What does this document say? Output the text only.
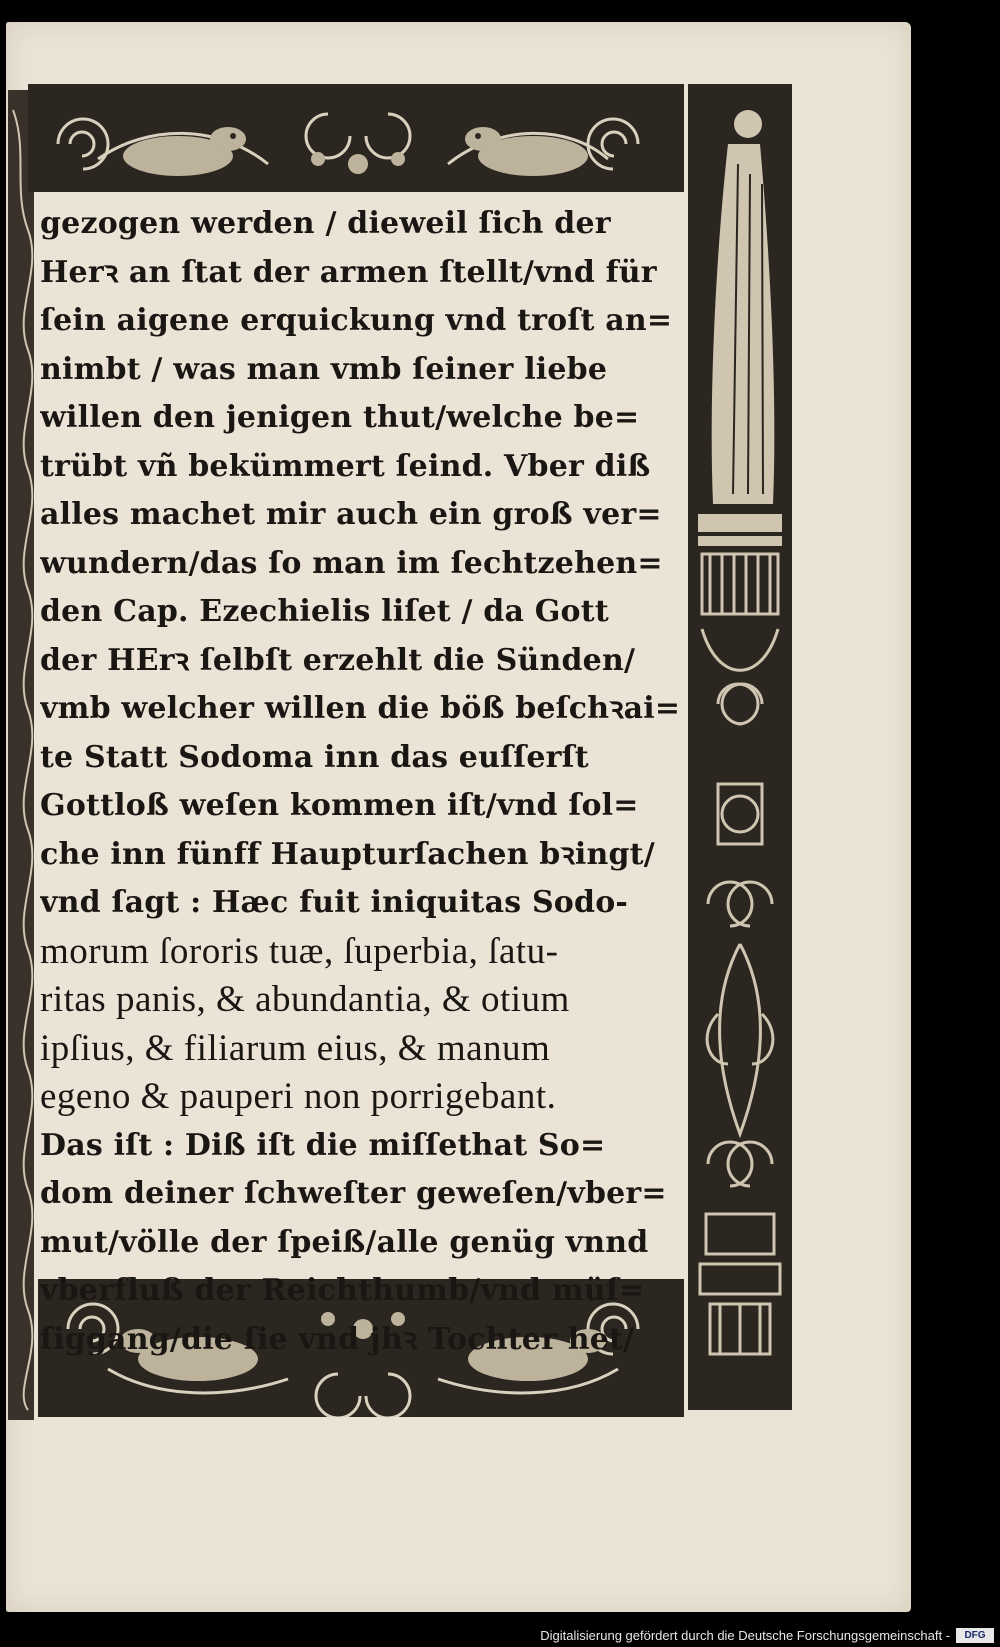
gezogen werden / dieweil ſich der
Herꝛ an ſtat der armen ſtellt/vnd für
ſein aigene erquickung vnd troſt an=
nimbt / was man vmb ſeiner liebe
willen den jenigen thut/welche be=
trübt vñ bekümmert ſeind. Vber diß
alles machet mir auch ein groß ver=
wundern/das ſo man im ſechtzehen=
den Cap. Ezechielis liſet / da Gott
der HErꝛ ſelbſt erzehlt die Sünden/
vmb welcher willen die böß beſchꝛai=
te Statt Sodoma inn das euſſerſt
Gottloß weſen kommen iſt/vnd ſol=
che inn fünff Haupturſachen bꝛingt/
vnd ſagt : Hæc fuit iniquitas Sodo-
morum ſororis tuæ, ſuperbia, ſatu-
ritas panis, & abundantia, & otium
ipſius, & filiarum eius, & manum
egeno & pauperi non porrigebant.
Das iſt : Diß iſt die miſſethat So=
dom deiner ſchweſter geweſen/vber=
mut/völle der ſpeiß/alle genüg vnnd
vberfluß der Reichthumb/vnd müſ=
ſiggang/die ſie vnd jhꝛ Tochter het/
Digitalisierung gefördert durch die Deutsche Forschungsgemeinschaft -	DFG
